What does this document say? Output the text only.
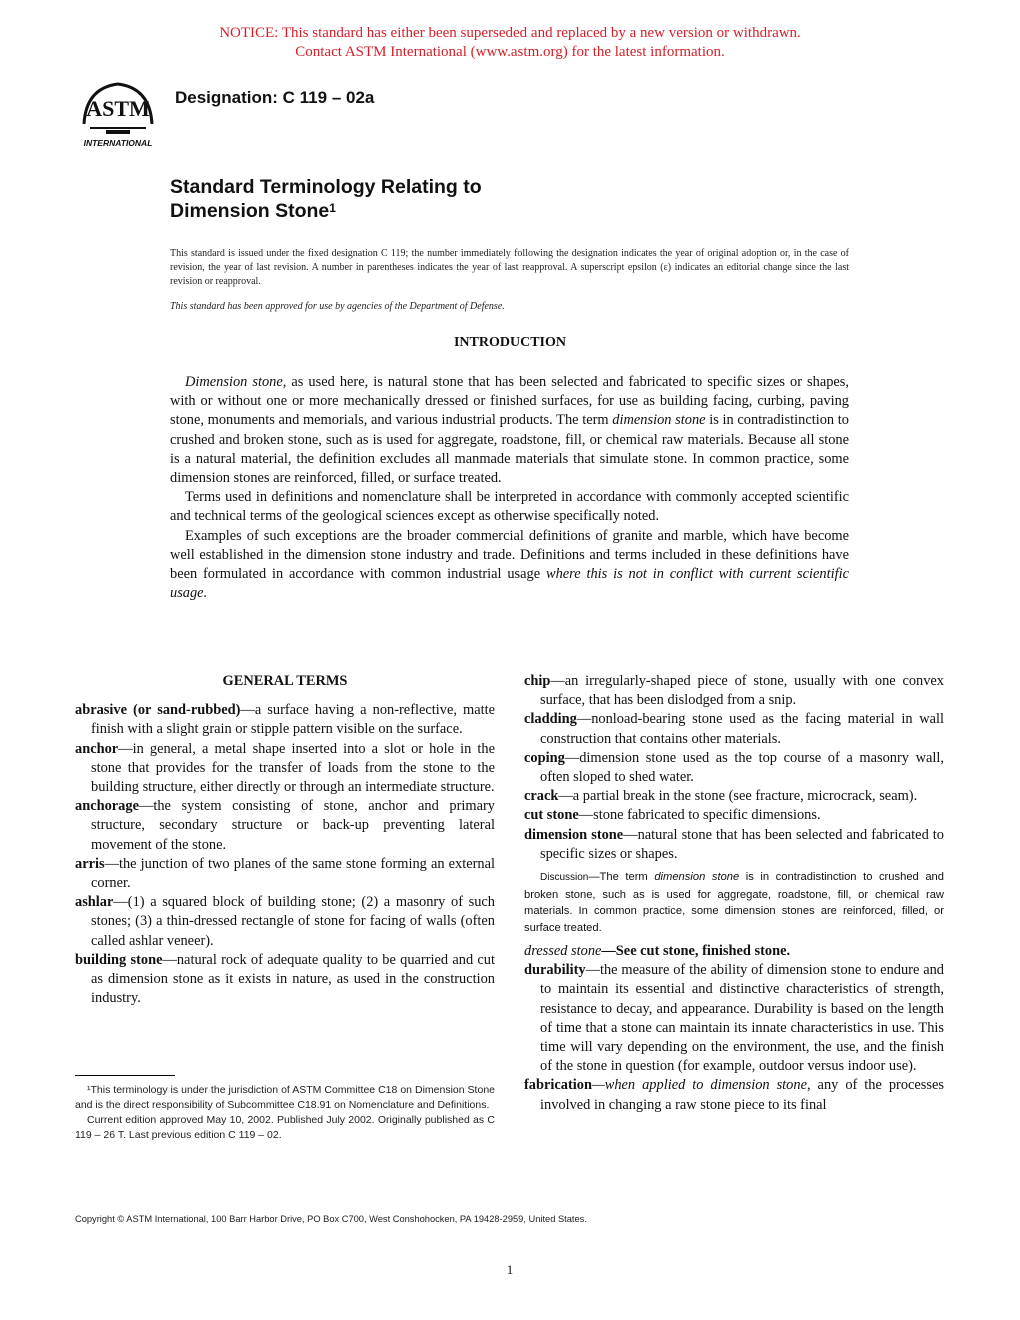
NOTICE: This standard has either been superseded and replaced by a new version or withdrawn.
Contact ASTM International (www.astm.org) for the latest information.
ASTM
INTERNATIONAL
Designation: C 119 – 02a
Standard Terminology Relating to
Dimension Stone$^1$
This standard is issued under the fixed designation C 119; the number immediately following the designation indicates the year of original adoption or, in the case of revision, the year of last revision. A number in parentheses indicates the year of last reapproval. A superscript epsilon (ε) indicates an editorial change since the last revision or reapproval.
This standard has been approved for use by agencies of the Department of Defense.
INTRODUCTION

Dimension stone, as used here, is natural stone that has been selected and fabricated to specific sizes or shapes, with or without one or more mechanically dressed or finished surfaces, for use as building facing, curbing, paving stone, monuments and memorials, and various industrial products. The term dimension stone is in contradistinction to crushed and broken stone, such as is used for aggregate, roadstone, fill, or chemical raw materials. Because all stone is a natural material, the definition excludes all manmade materials that simulate stone. In common practice, some dimension stones are reinforced, filled, or surface treated.

Terms used in definitions and nomenclature shall be interpreted in accordance with commonly accepted scientific and technical terms of the geological sciences except as otherwise specifically noted.

Examples of such exceptions are the broader commercial definitions of granite and marble, which have become well established in the dimension stone industry and trade. Definitions and terms included in these definitions have been formulated in accordance with common industrial usage where this is not in conflict with current scientific usage.

GENERAL TERMS

abrasive (or sand-rubbed)—a surface having a non-reflective, matte finish with a slight grain or stipple pattern visible on the surface.

anchor—in general, a metal shape inserted into a slot or hole in the stone that provides for the transfer of loads from the stone to the building structure, either directly or through an intermediate structure.

anchorage—the system consisting of stone, anchor and primary structure, secondary structure or back-up preventing lateral movement of the stone.

arris—the junction of two planes of the same stone forming an external corner.

ashlar—(1) a squared block of building stone; (2) a masonry of such stones; (3) a thin-dressed rectangle of stone for facing of walls (often called ashlar veneer).

building stone—natural rock of adequate quality to be quarried and cut as dimension stone as it exists in nature, as used in the construction industry.

chip—an irregularly-shaped piece of stone, usually with one convex surface, that has been dislodged from a snip.

cladding—nonload-bearing stone used as the facing material in wall construction that contains other materials.

coping—dimension stone used as the top course of a masonry wall, often sloped to shed water.

crack—a partial break in the stone (see fracture, microcrack, seam).

cut stone—stone fabricated to specific dimensions.

dimension stone—natural stone that has been selected and fabricated to specific sizes or shapes.

Discussion—The term dimension stone is in contradistinction to crushed and broken stone, such as is used for aggregate, roadstone, fill, or chemical raw materials. In common practice, some dimension stones are reinforced, filled, or surface treated.

dressed stone—See cut stone, finished stone.

durability—the measure of the ability of dimension stone to endure and to maintain its essential and distinctive characteristics of strength, resistance to decay, and appearance. Durability is based on the length of time that a stone can maintain its innate characteristics in use. This time will vary depending on the environment, the use, and the finish of the stone in question (for example, outdoor versus indoor use).

fabrication—when applied to dimension stone, any of the processes involved in changing a raw stone piece to its final

¹This terminology is under the jurisdiction of ASTM Committee C18 on Dimension Stone and is the direct responsibility of Subcommittee C18.91 on Nomenclature and Definitions.

Current edition approved May 10, 2002. Published July 2002. Originally published as C 119 – 26 T. Last previous edition C 119 – 02.

Copyright © ASTM International, 100 Barr Harbor Drive, PO Box C700, West Conshohocken, PA 19428-2959, United States.
1
